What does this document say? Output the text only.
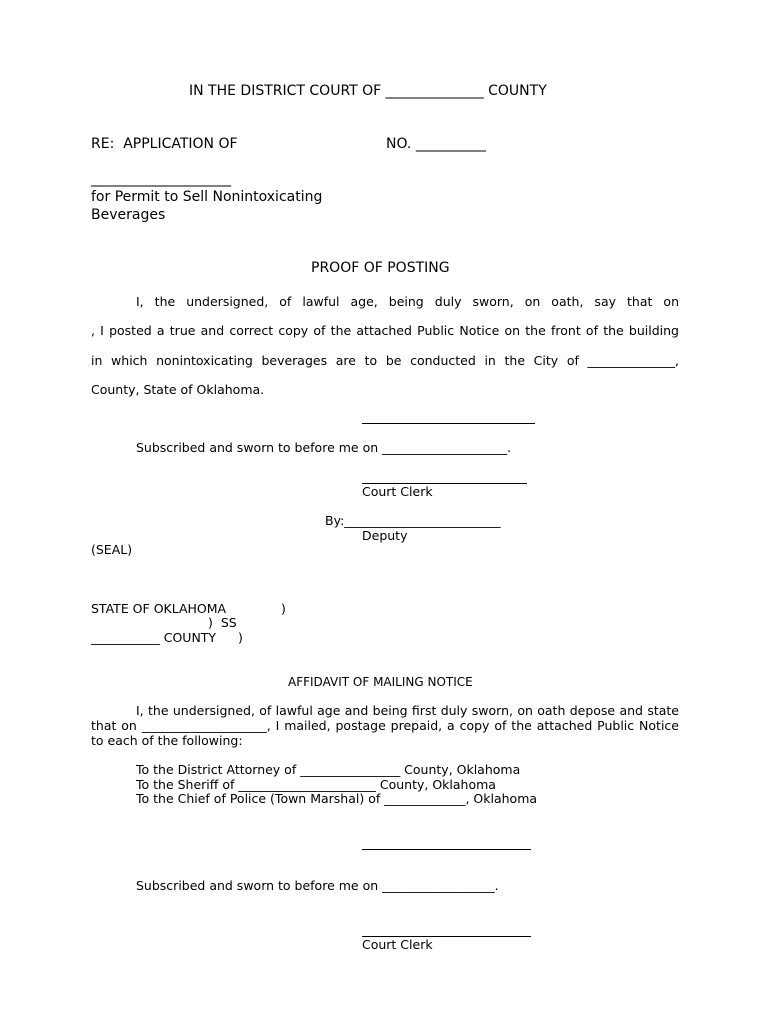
IN THE DISTRICT COURT OF ______________ COUNTY
RE:  APPLICATION OF	NO. __________
____________________
for Permit to Sell Nonintoxicating
Beverages
PROOF OF POSTING
I, the undersigned, of lawful age, being duly sworn, on oath, say that on
, I posted a true and correct copy of the attached Public Notice on the front of the building
in which nonintoxicating beverages are to be conducted in the City of ______________,
County, State of Oklahoma.
Subscribed and sworn to before me on ____________________.
Court Clerk
By:_________________________
Deputy
(SEAL)
STATE OF OKLAHOMA	)
)  SS
___________ COUNTY )
AFFIDAVIT OF MAILING NOTICE
I, the undersigned, of lawful age and being first duly sworn, on oath depose and state that on ____________________, I mailed, postage prepaid, a copy of the attached Public Notice to each of the following:
To the District Attorney of ________________ County, Oklahoma
To the Sheriff of ______________________ County, Oklahoma
To the Chief of Police (Town Marshal) of _____________, Oklahoma
Subscribed and sworn to before me on __________________.
Court Clerk
